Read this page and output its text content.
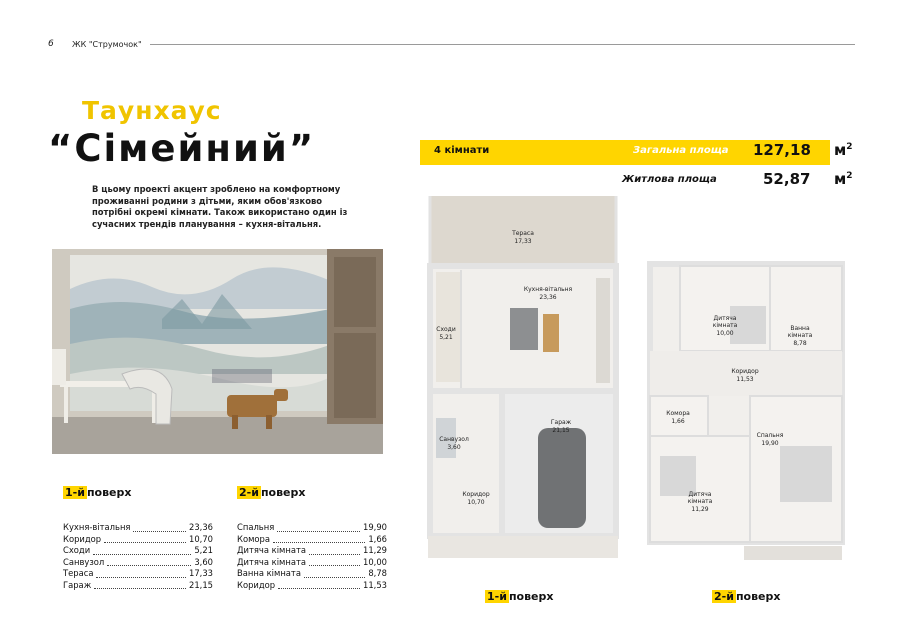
6	ЖК "Струмочок"
Таунхаус
“Сімейний”
В цьому проекті акцент зроблено на комфортному проживанні родини з дітьми, яким обов'язково потрібні окремі кімнати. Також використано один із сучасних трендів планування – кухня-вітальня.
1-й поверх
Кухня-вітальня	23,36
Коридор	10,70
Сходи	5,21
Санвузол	3,60
Тераса	17,33
Гараж	21,15
2-й поверх
Спальня	19,90
Комора	1,66
Дитяча кімната	11,29
Дитяча кімната	10,00
Ванна кімната	8,78
Коридор	11,53
4 кімнати	Загальна площа 127,18 $м^2$
Житлова площа	52,87 $м^2$
Тераса
17,33
Кухня-вітальня
23,36
Сходи
5,21
Санвузол
3,60
Гараж
21,15
Коридор
10,70
Дитяча
кімната
10,00
Ванна
кімната
8,78
Коридор
11,53
Комора
1,66
Спальня
19,90
Дитяча
кімната
11,29
1-й поверх	2-й поверх
